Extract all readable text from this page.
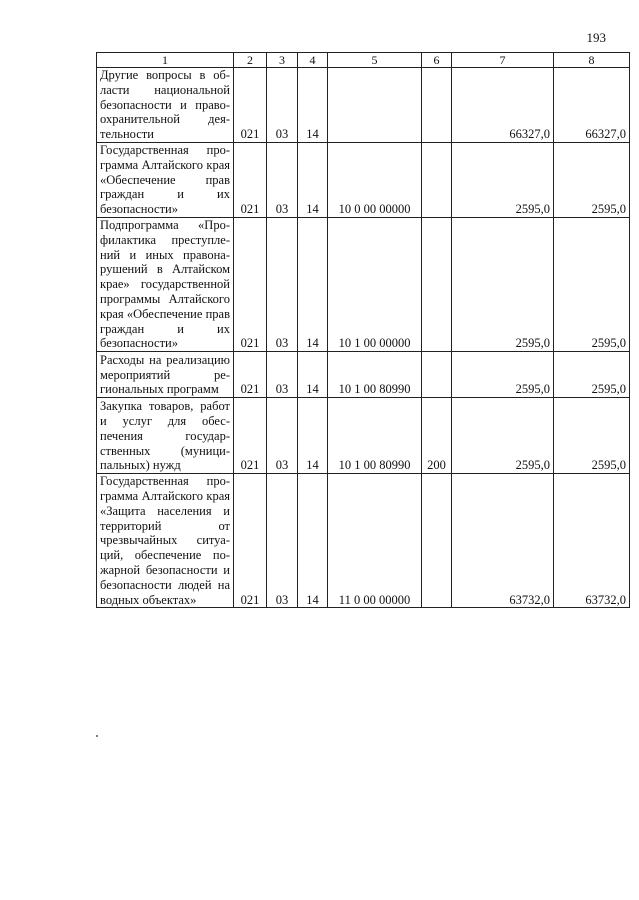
193
1	2	3	4	5	6	7	8
Другие вопросы в области национальной безопасности и правоохранительной деятельности	021	03	14			66327,0	66327,0
Государственная программа Алтайского края «Обеспечение прав граждан и их безопасности»	021	03	14	10 0 00 00000		2595,0	2595,0
Подпрограмма «Профилактика преступлений и иных правонарушений в Алтайском крае» государственной программы Алтайского края «Обеспечение прав граждан и их безопасности»	021	03	14	10 1 00 00000		2595,0	2595,0
Расходы на реализацию мероприятий региональных программ	021	03	14	10 1 00 80990		2595,0	2595,0
Закупка товаров, работ и услуг для обеспечения государственных (муниципальных) нужд	021	03	14	10 1 00 80990	200	2595,0	2595,0
Государственная программа Алтайского края «Защита населения и территорий от чрезвычайных ситуаций, обеспечение пожарной безопасности и безопасности людей на водных объектах»	021	03	14	11 0 00 00000		63732,0	63732,0
